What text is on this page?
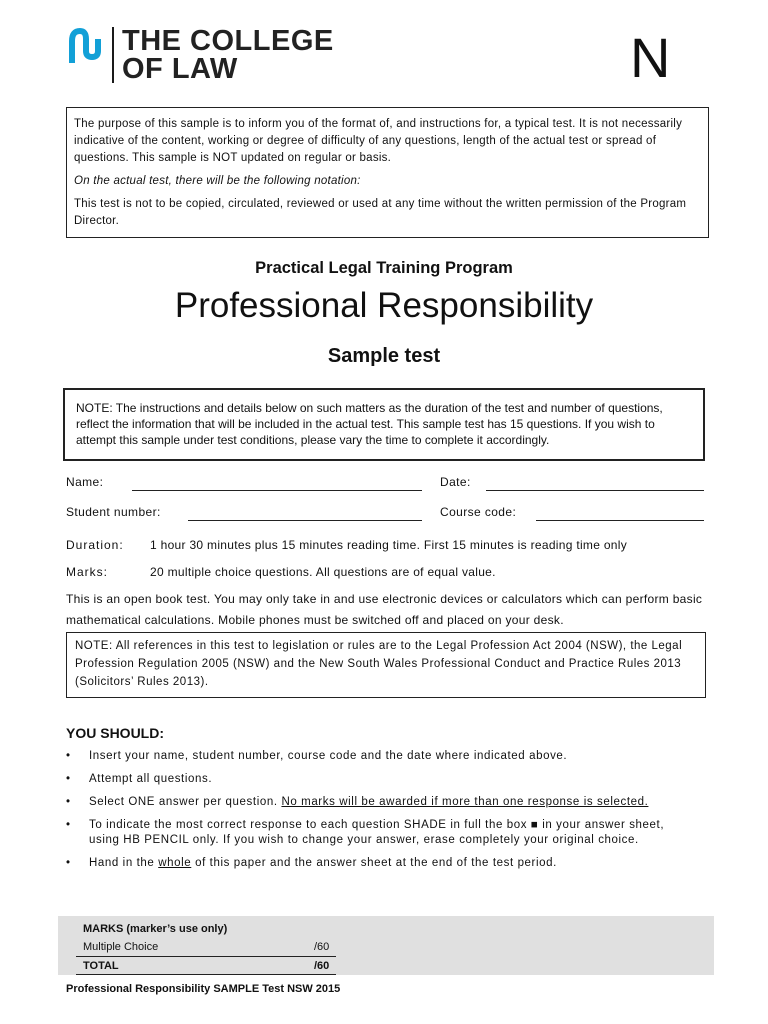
THE COLLEGE
OF LAW	N

The purpose of this sample is to inform you of the format of, and instructions for, a typical test. It is not necessarily indicative of the content, working or degree of difficulty of any questions, length of the actual test or spread of questions. This sample is NOT updated on regular or basis.

On the actual test, there will be the following notation:

This test is not to be copied, circulated, reviewed or used at any time without the written permission of the Program Director.

Practical Legal Training Program
Professional Responsibility
Sample test
NOTE: The instructions and details below on such matters as the duration of the test and number of questions, reflect the information that will be included in the actual test. This sample test has 15 questions. If you wish to attempt this sample under test conditions, please vary the time to complete it accordingly.
Name:	Date:
Student number:	Course code:
Duration: 1 hour 30 minutes plus 15 minutes reading time. First 15 minutes is reading time only
Marks:	20 multiple choice questions. All questions are of equal value.
This is an open book test. You may only take in and use electronic devices or calculators which can perform basic mathematical calculations. Mobile phones must be switched off and placed on your desk.
NOTE: All references in this test to legislation or rules are to the Legal Profession Act 2004 (NSW), the Legal Profession Regulation 2005 (NSW) and the New South Wales Professional Conduct and Practice Rules 2013 (Solicitors’ Rules 2013).
YOU SHOULD:
• Insert your name, student number, course code and the date where indicated above.
• Attempt all questions.
• Select ONE answer per question. No marks will be awarded if more than one response is selected.
• To indicate the most correct response to each question SHADE in full the box ■ in your answer sheet, using HB PENCIL only. If you wish to change your answer, erase completely your original choice.
• Hand in the whole of this paper and the answer sheet at the end of the test period.
MARKS (marker’s use only)
Multiple Choice	/60
TOTAL	/60
Professional Responsibility SAMPLE Test NSW 2015
